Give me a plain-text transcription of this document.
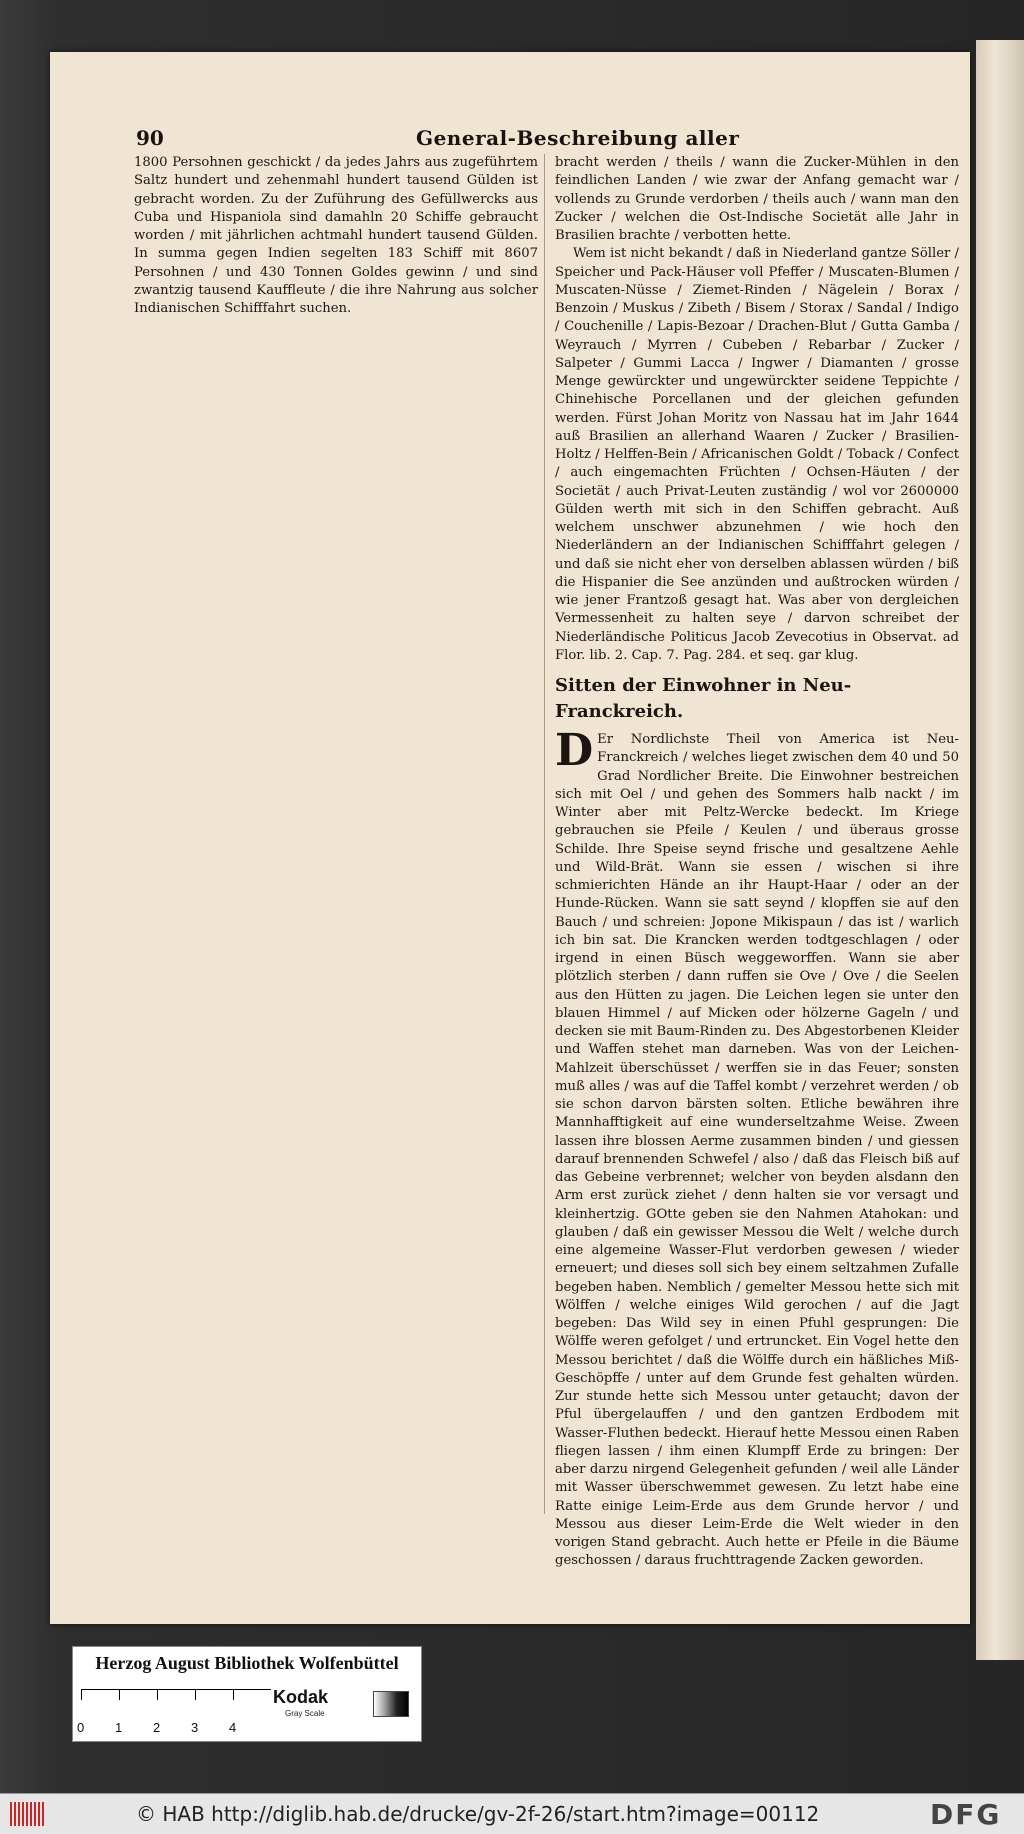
90	General-Beschreibung aller

1800 Persohnen geschickt / da jedes Jahrs aus zugeführtem Saltz hundert und zehenmahl hundert tausend Gülden ist gebracht worden. Zu der Zuführung des Gefüllwercks aus Cuba und Hispaniola sind damahln 20 Schiffe gebraucht worden / mit jährlichen achtmahl hundert tausend Gülden. In summa gegen Indien segelten 183 Schiff mit 8607 Persohnen / und 430 Tonnen Goldes gewinn / und sind zwantzig tausend Kauffleute / die ihre Nahrung aus solcher Indianischen Schifffahrt suchen.

bracht werden / theils / wann die Zucker-Mühlen in den feindlichen Landen / wie zwar der Anfang gemacht war / vollends zu Grunde verdorben / theils auch / wann man den Zucker / welchen die Ost-Indische Societät alle Jahr in Brasilien brachte / verbotten hette.

Wem ist nicht bekandt / daß in Niederland gantze Söller / Speicher und Pack-Häuser voll Pfeffer / Muscaten-Blumen / Muscaten-Nüsse / Ziemet-Rinden / Nägelein / Borax / Benzoin / Muskus / Zibeth / Bisem / Storax / Sandal / Indigo / Couchenille / Lapis-Bezoar / Drachen-Blut / Gutta Gamba / Weyrauch / Myrren / Cubeben / Rebarbar / Zucker / Salpeter / Gummi Lacca / Ingwer / Diamanten / grosse Menge gewürckter und ungewürckter seidene Teppichte / Chinehische Porcellanen und der gleichen gefunden werden. Fürst Johan Moritz von Nassau hat im Jahr 1644 auß Brasilien an allerhand Waaren / Zucker / Brasilien-Holtz / Helffen-Bein / Africanischen Goldt / Toback / Confect / auch eingemachten Früchten / Ochsen-Häuten / der Societät / auch Privat-Leuten zuständig / wol vor 2600000 Gülden werth mit sich in den Schiffen gebracht. Auß welchem unschwer abzunehmen / wie hoch den Niederländern an der Indianischen Schifffahrt gelegen / und daß sie nicht eher von derselben ablassen würden / biß die Hispanier die See anzünden und außtrocken würden / wie jener Frantzoß gesagt hat. Was aber von dergleichen Vermessenheit zu halten seye / darvon schreibet der Niederländische Politicus Jacob Zevecotius in Observat. ad Flor. lib. 2. Cap. 7. Pag. 284. et seq. gar klug.

Sitten der Einwohner in Neu-Franckreich.

D Er Nordlichste Theil von America ist Neu-Franckreich / welches lieget zwischen dem 40 und 50 Grad Nordlicher Breite. Die Einwohner bestreichen sich mit Oel / und gehen des Sommers halb nackt / im Winter aber mit Peltz-Wercke bedeckt. Im Kriege gebrauchen sie Pfeile / Keulen / und überaus grosse Schilde. Ihre Speise seynd frische und gesaltzene Aehle und Wild-Brät. Wann sie essen / wischen si ihre schmierichten Hände an ihr Haupt-Haar / oder an der Hunde-Rücken. Wann sie satt seynd / klopffen sie auf den Bauch / und schreien: Jopone Mikispaun / das ist / warlich ich bin sat. Die Krancken werden todtgeschlagen / oder irgend in einen Büsch weggeworffen. Wann sie aber plötzlich sterben / dann ruffen sie Ove / Ove / die Seelen aus den Hütten zu jagen. Die Leichen legen sie unter den blauen Himmel / auf Micken oder hölzerne Gageln / und decken sie mit Baum-Rinden zu. Des Abgestorbenen Kleider und Waffen stehet man darneben. Was von der Leichen-Mahlzeit überschüsset / werffen sie in das Feuer; sonsten muß alles / was auf die Taffel kombt / verzehret werden / ob sie schon darvon bärsten solten. Etliche bewähren ihre Mannhafftigkeit auf eine wunderseltzahme Weise. Zween lassen ihre blossen Aerme zusammen binden / und giessen darauf brennenden Schwefel / also / daß das Fleisch biß auf das Gebeine verbrennet; welcher von beyden alsdann den Arm erst zurück ziehet / denn halten sie vor versagt und kleinhertzig. GOtte geben sie den Nahmen Atahokan: und glauben / daß ein gewisser Messou die Welt / welche durch eine algemeine Wasser-Flut verdorben gewesen / wieder erneuert; und dieses soll sich bey einem seltzahmen Zufalle begeben haben. Nemblich / gemelter Messou hette sich mit Wölffen / welche einiges Wild gerochen / auf die Jagt begeben: Das Wild sey in einen Pfuhl gesprungen: Die Wölffe weren gefolget / und ertruncket. Ein Vogel hette den Messou berichtet / daß die Wölffe durch ein häßliches Miß-Geschöpffe / unter auf dem Grunde fest gehalten würden. Zur stunde hette sich Messou unter getaucht; davon der Pful übergelauffen / und den gantzen Erdbodem mit Wasser-Fluthen bedeckt. Hierauf hette Messou einen Raben fliegen lassen / ihm einen Klumpff Erde zu bringen: Der aber darzu nirgend Gelegenheit gefunden / weil alle Länder mit Wasser überschwemmet gewesen. Zu letzt habe eine Ratte einige Leim-Erde aus dem Grunde hervor / und Messou aus dieser Leim-Erde die Welt wieder in den vorigen Stand gebracht. Auch hette er Pfeile in die Bäume geschossen / daraus fruchttragende Zacken geworden.

Herzog August Bibliothek Wolfenbüttel
0 1 2 3 4
Kodak
Gray Scale
© HAB http://diglib.hab.de/drucke/gv-2f-26/start.htm?image=00112	DFG
